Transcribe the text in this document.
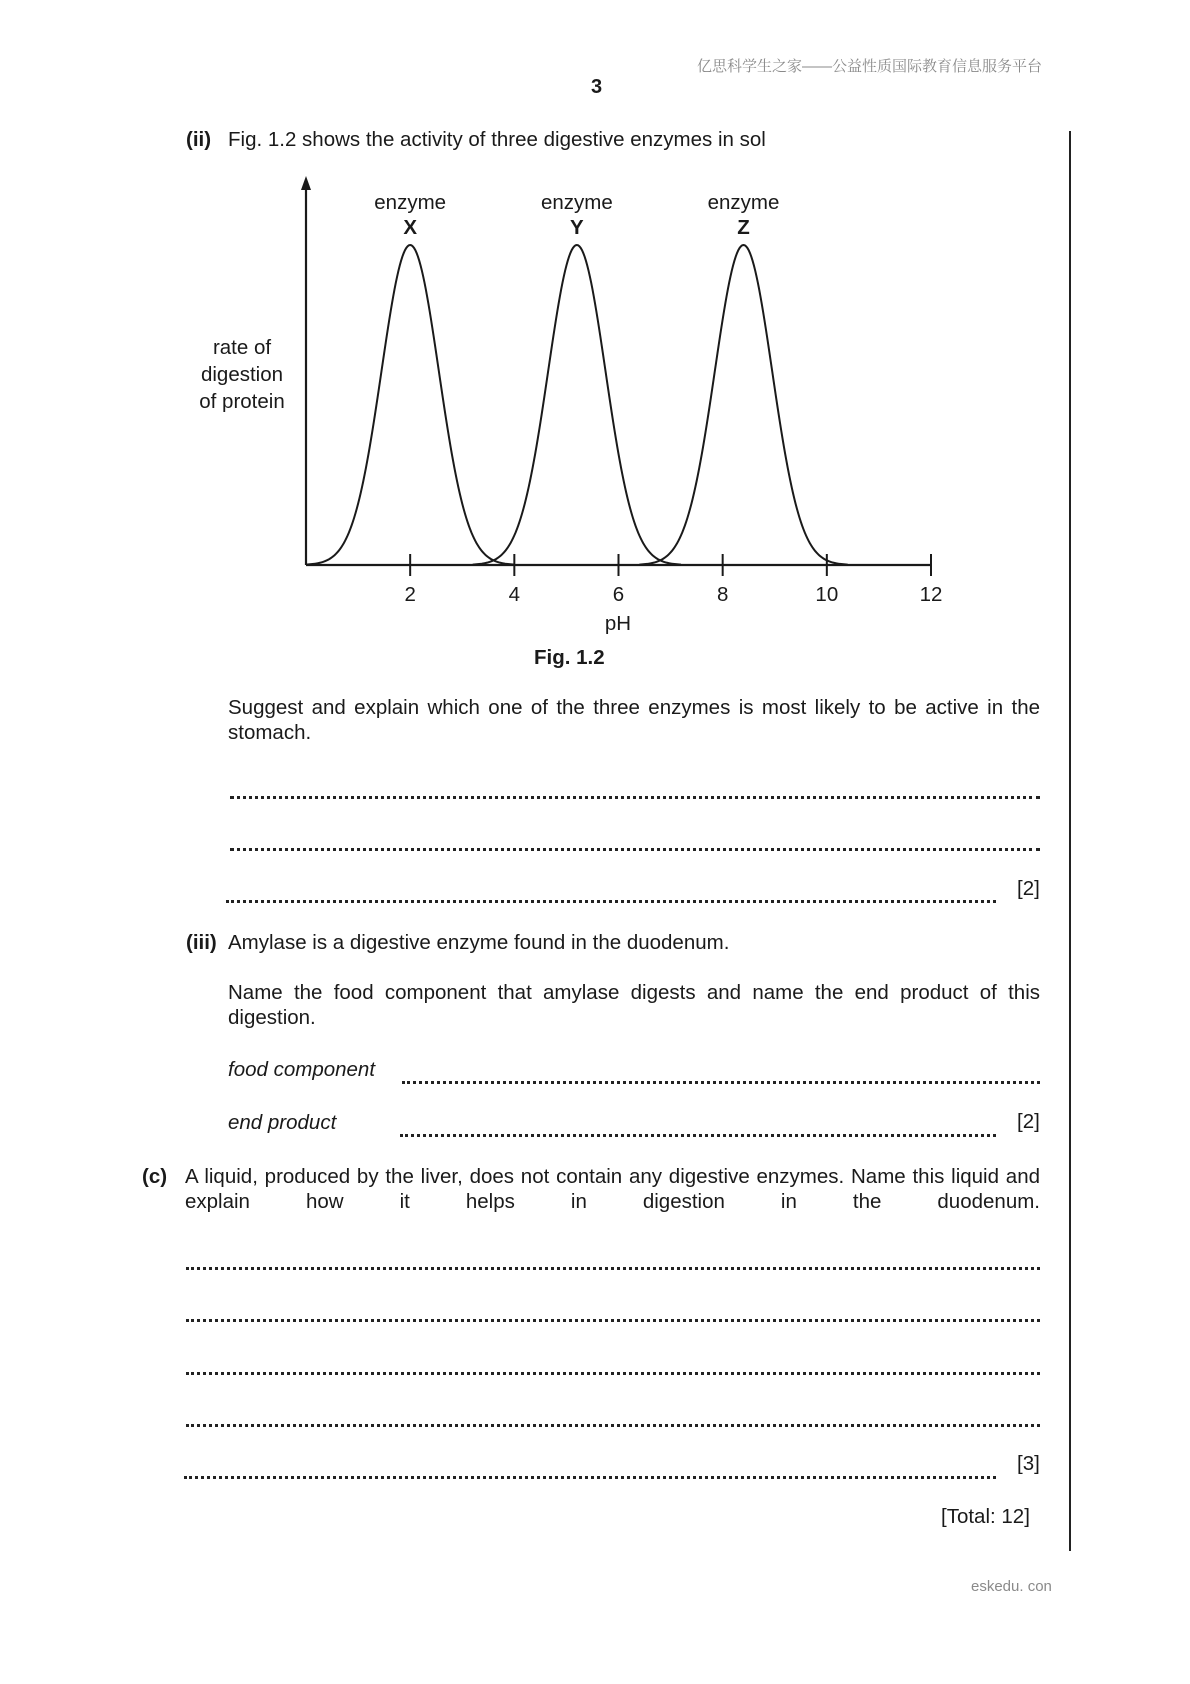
亿思科学生之家——公益性质国际教育信息服务平台
3
(ii) Fig. 1.2 shows the activity of three digestive enzymes in sol
rate of
digestion
of protein
2	4	6	8	10	12
enzyme
X
enzyme
Y
enzyme
Z
pH
Fig. 1.2
Suggest and explain which one of the three enzymes is most likely to be active in the stomach.
[2]
(iii) Amylase is a digestive enzyme found in the duodenum.
Name the food component that amylase digests and name the end product of this digestion.
food component
end product	[2]
(c) A liquid, produced by the liver, does not contain any digestive enzymes. Name this liquid and explain how it helps in digestion in the duodenum.
[3]
[Total: 12]
eskedu. con
